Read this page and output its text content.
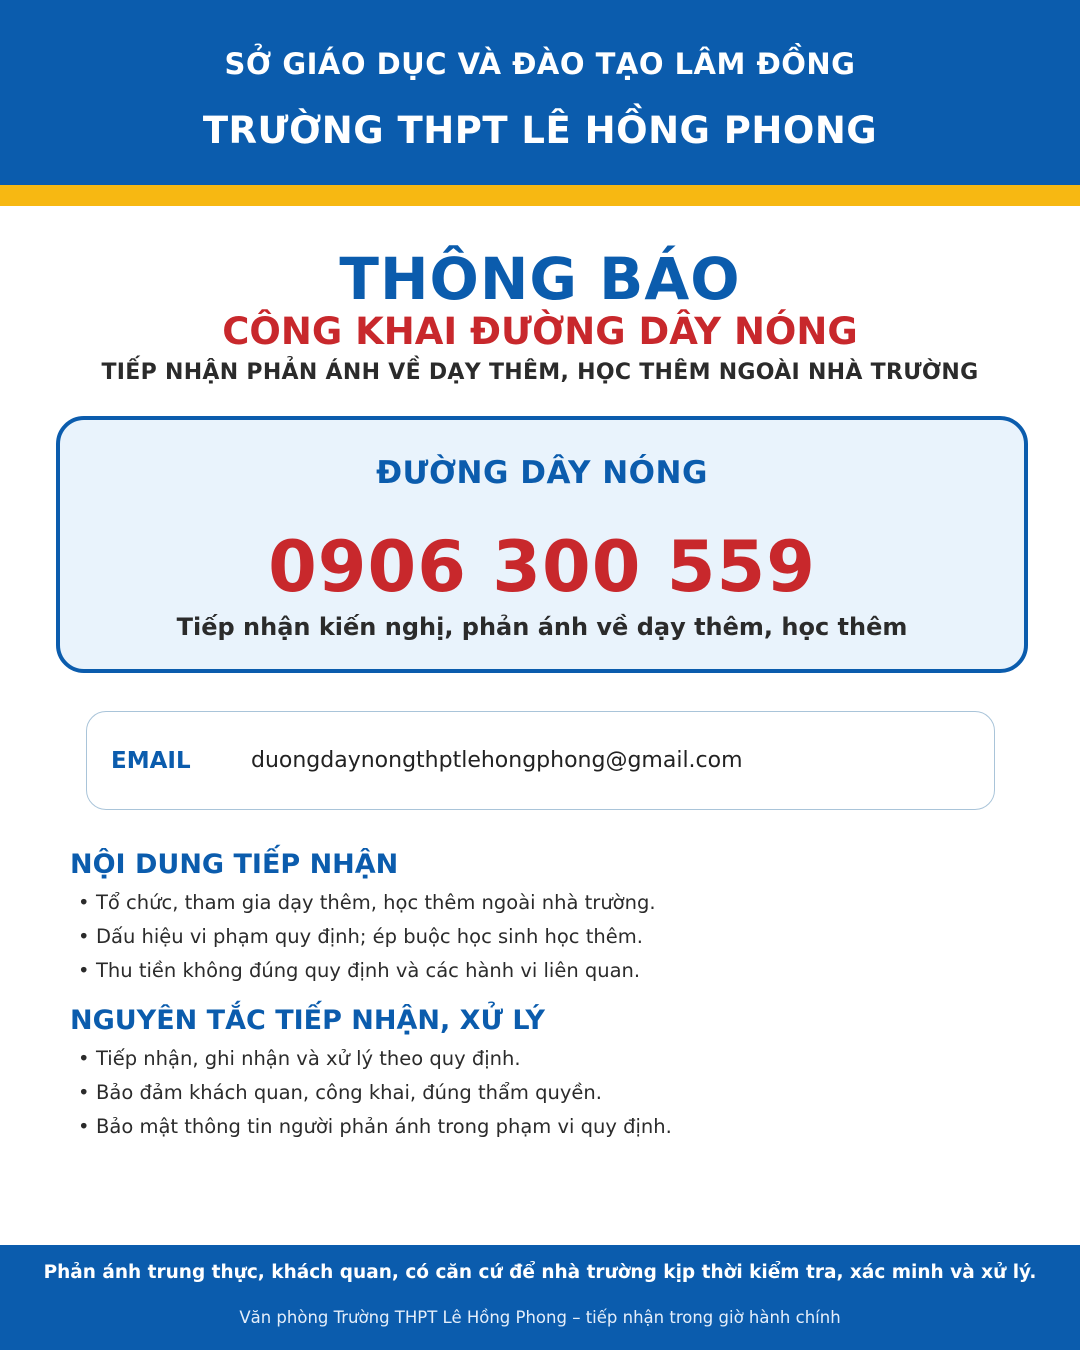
SỞ GIÁO DỤC VÀ ĐÀO TẠO LÂM ĐỒNG
TRƯỜNG THPT LÊ HỒNG PHONG
THÔNG BÁO
CÔNG KHAI ĐƯỜNG DÂY NÓNG
TIẾP NHẬN PHẢN ÁNH VỀ DẠY THÊM, HỌC THÊM NGOÀI NHÀ TRƯỜNG
ĐƯỜNG DÂY NÓNG
0906 300 559
Tiếp nhận kiến nghị, phản ánh về dạy thêm, học thêm
EMAIL	duongdaynongthptlehongphong@gmail.com
NỘI DUNG TIẾP NHẬN
• Tổ chức, tham gia dạy thêm, học thêm ngoài nhà trường.
• Dấu hiệu vi phạm quy định; ép buộc học sinh học thêm.
• Thu tiền không đúng quy định và các hành vi liên quan.
NGUYÊN TẮC TIẾP NHẬN, XỬ LÝ
• Tiếp nhận, ghi nhận và xử lý theo quy định.
• Bảo đảm khách quan, công khai, đúng thẩm quyền.
• Bảo mật thông tin người phản ánh trong phạm vi quy định.
Phản ánh trung thực, khách quan, có căn cứ để nhà trường kịp thời kiểm tra, xác minh và xử lý.
Văn phòng Trường THPT Lê Hồng Phong – tiếp nhận trong giờ hành chính
